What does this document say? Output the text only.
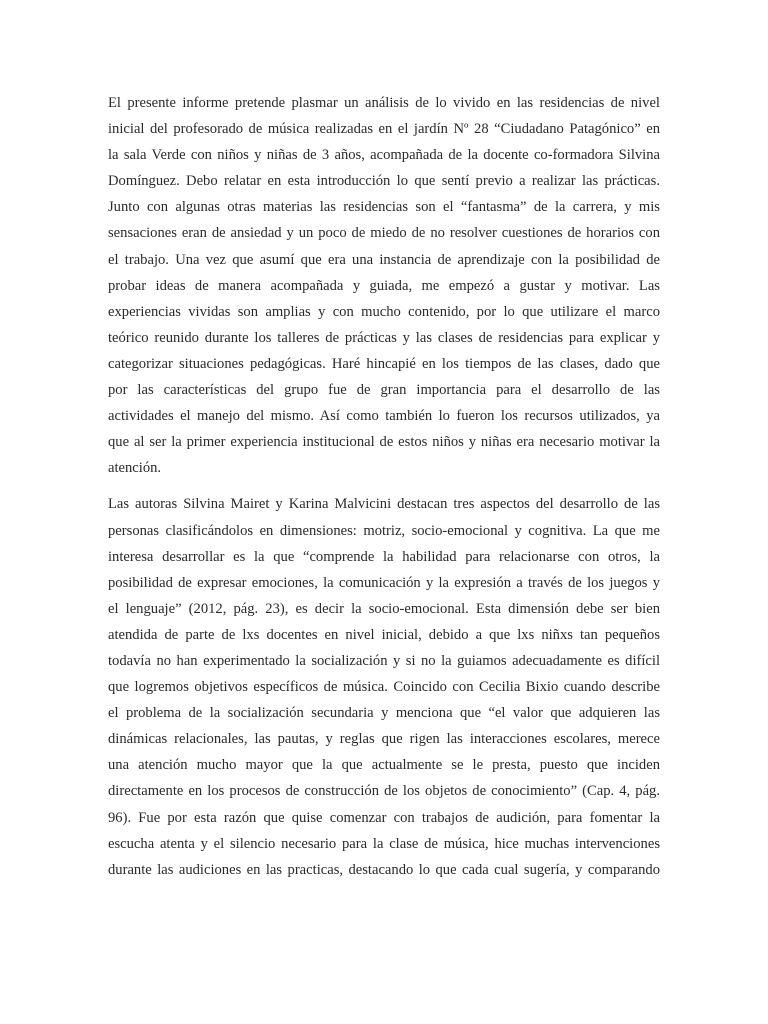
El presente informe pretende plasmar un análisis de lo vivido en las residencias de nivel
inicial del profesorado de música realizadas en el jardín Nº 28 “Ciudadano Patagónico” en
la sala Verde con niños y niñas de 3 años, acompañada de la docente co-formadora Silvina
Domínguez. Debo relatar en esta introducción lo que sentí previo a realizar las prácticas.
Junto con algunas otras materias las residencias son el “fantasma” de la carrera, y mis
sensaciones eran de ansiedad y un poco de miedo de no resolver cuestiones de horarios con
el trabajo. Una vez que asumí que era una instancia de aprendizaje con la posibilidad de
probar ideas de manera acompañada y guiada, me empezó a gustar y motivar. Las
experiencias vividas son amplias y con mucho contenido, por lo que utilizare el marco
teórico reunido durante los talleres de prácticas y las clases de residencias para explicar y
categorizar situaciones pedagógicas. Haré hincapié en los tiempos de las clases, dado que
por las características del grupo fue de gran importancia para el desarrollo de las
actividades el manejo del mismo. Así como también lo fueron los recursos utilizados, ya
que al ser la primer experiencia institucional de estos niños y niñas era necesario motivar la
atención.
Las autoras Silvina Mairet y Karina Malvicini destacan tres aspectos del desarrollo de las
personas clasificándolos en dimensiones: motriz, socio-emocional y cognitiva. La que me
interesa desarrollar es la que “comprende la habilidad para relacionarse con otros, la
posibilidad de expresar emociones, la comunicación y la expresión a través de los juegos y
el lenguaje” (2012, pág. 23), es decir la socio-emocional. Esta dimensión debe ser bien
atendida de parte de lxs docentes en nivel inicial, debido a que lxs niñxs tan pequeños
todavía no han experimentado la socialización y si no la guiamos adecuadamente es difícil
que logremos objetivos específicos de música. Coincido con Cecilia Bixio cuando describe
el problema de la socialización secundaria y menciona que “el valor que adquieren las
dinámicas relacionales, las pautas, y reglas que rigen las interacciones escolares, merece
una atención mucho mayor que la que actualmente se le presta, puesto que inciden
directamente en los procesos de construcción de los objetos de conocimiento” (Cap. 4, pág.
96). Fue por esta razón que quise comenzar con trabajos de audición, para fomentar la
escucha atenta y el silencio necesario para la clase de música, hice muchas intervenciones
durante las audiciones en las practicas, destacando lo que cada cual sugería, y comparando
